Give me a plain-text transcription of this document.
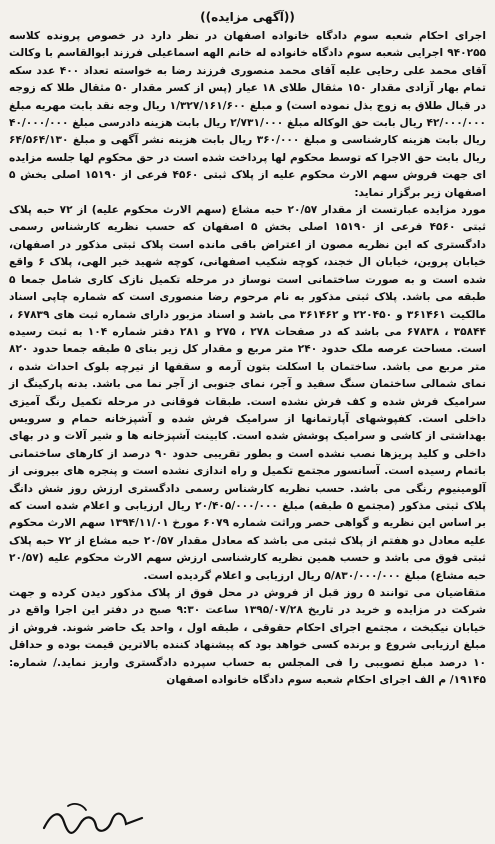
((آگهی مزایده))

اجرای احکام شعبه سوم دادگاه خانواده اصفهان در نظر دارد در خصوص پرونده کلاسه ۹۴۰۲۵۵ اجرایی شعبه سوم دادگاه خانواده له خانم الهه اسماعیلی فرزند ابوالقاسم با وکالت آقای محمد علی رحایی علیه آقای محمد منصوری فرزند رضا به خواسته تعداد ۴۰۰ عدد سکه تمام بهار آزادی مقدار ۱۵۰ مثقال طلای ۱۸ عیار (پس از کسر مقدار ۵۰ مثقال طلا که زوجه در قبال طلاق به زوج بذل نموده است) و مبلغ ۱/۳۲۷/۱۶۱/۶۰۰ ریال وجه نقد بابت مهریه مبلغ ۴۲/۰۰۰/۰۰۰ ریال بابت حق الوکاله مبلغ ۲/۷۳۱/۰۰۰ ریال بابت هزینه دادرسی مبلغ ۴۰/۰۰۰/۰۰۰ ریال بابت هزینه کارشناسی و مبلغ ۳۶۰/۰۰۰ ریال بابت هزینه نشر آگهی و مبلغ ۶۴/۵۶۴/۱۳۰ ریال بابت حق الاجرا که توسط محکوم لها پرداخت شده است در حق محکوم لها جلسه مزایده ای جهت فروش سهم الارث محکوم علیه از پلاک ثبتی ۴۵۶۰ فرعی از ۱۵۱۹۰ اصلی بخش ۵ اصفهان زیر برگزار نماید:

مورد مزایده عبارتست از مقدار ۲۰/۵۷ حبه مشاع (سهم الارث محکوم علیه) از ۷۲ حبه پلاک ثبتی ۴۵۶۰ فرعی از ۱۵۱۹۰ اصلی بخش ۵ اصفهان که حسب نظریه کارشناس رسمی دادگستری که این نظریه مصون از اعتراض باقی مانده است پلاک ثبتی مذکور در اصفهان، خیابان پروین، خیابان ال خجند، کوچه شکیب اصفهانی، کوچه شهید خیر الهی، پلاک ۶ واقع شده است و به صورت ساختمانی است نوساز در مرحله تکمیل نازک کاری شامل جمعا ۵ طبقه می باشد. پلاک ثبتی مذکور به نام مرحوم رضا منصوری است که شماره چاپی اسناد مالکیت ۳۶۱۴۶۱ و ۲۲۰۴۵۰ و ۳۶۱۴۶۲ می باشد و اسناد مزبور دارای شماره ثبت های ۶۷۸۳۹ ، ۳۵۸۴۴ ، ۶۷۸۳۸ می باشد که در صفحات ۲۷۸ ، ۲۷۵ و ۲۸۱ دفتر شماره ۱۰۴ به ثبت رسیده است. مساحت عرصه ملک حدود ۲۴۰ متر مربع و مقدار کل زیر بنای ۵ طبقه جمعا حدود ۸۲۰ متر مربع می باشد. ساختمان با اسکلت بتون آرمه و سقفها از تیرچه بلوک احداث شده ، نمای شمالی ساختمان سنگ سفید و آجر، نمای جنوبی از آجر نما می باشد. بدنه پارکینگ از سرامیک فرش شده و کف فرش نشده است. طبقات فوقانی در مرحله تکمیل رنگ آمیزی داخلی است. کفپوشهای آپارتمانها از سرامیک فرش شده و آشپزخانه حمام و سرویس بهداشتی از کاشی و سرامیک پوشش شده است. کابینت آشپزخانه ها و شیر آلات و در بهای داخلی و کلید پریزها نصب نشده است و بطور تقریبی حدود ۹۰ درصد از کارهای ساختمانی باتمام رسیده است. آسانسور مجتمع تکمیل و راه اندازی نشده است و پنجره های بیرونی از آلومینیوم رنگی می باشد. حسب نظریه کارشناس رسمی دادگستری ارزش روز شش دانگ پلاک ثبتی مذکور (مجتمع ۵ طبقه) مبلغ ۲۰/۴۰۵/۰۰۰/۰۰۰ ریال ارزیابی و اعلام شده است که بر اساس این نظریه و گواهی حصر وراثت شماره ۶۰۷۹ مورخ ۱۳۹۴/۱۱/۰۱ سهم الارث محکوم علیه معادل دو هفتم از پلاک ثبتی می باشد که معادل مقدار ۲۰/۵۷ حبه مشاع از ۷۲ حبه پلاک ثبتی فوق می باشد و حسب همین نظریه کارشناسی ارزش سهم الارث محکوم علیه (۲۰/۵۷ حبه مشاع) مبلغ ۵/۸۳۰/۰۰۰/۰۰۰ ریال ارزیابی و اعلام گردیده است.

متقاضیان می توانند ۵ روز قبل از فروش در محل فوق از پلاک مذکور دیدن کرده و جهت شرکت در مزایده و خرید در تاریخ ۱۳۹۵/۰۷/۲۸ ساعت ۹:۳۰ صبح در دفتر این اجرا واقع در خیابان نیکبخت ، مجتمع اجرای احکام حقوقی ، طبقه اول ، واحد یک حاضر شوند. فروش از مبلغ ارزیابی شروع و برنده کسی خواهد بود که پیشنهاد کننده بالاترین قیمت بوده و حداقل ۱۰ درصد مبلغ تصویبی را فی المجلس به حساب سپرده دادگستری واریز نماید./ شماره: ۱۹۱۴۵/ م الف اجرای احکام شعبه سوم دادگاه خانواده اصفهان
